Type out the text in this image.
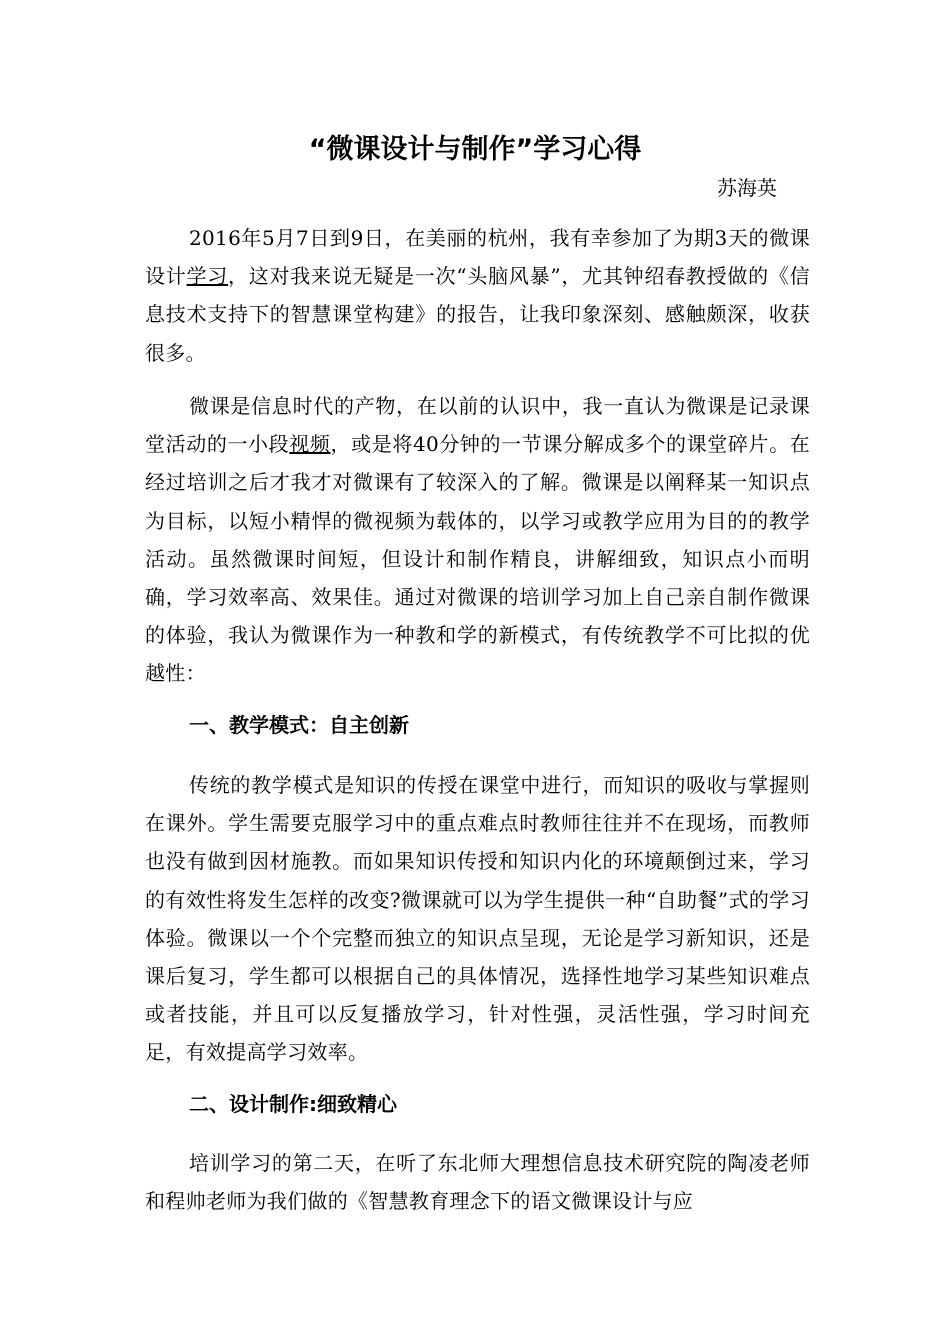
“微课设计与制作”学习心得
苏海英

2016年5月7日到9日，在美丽的杭州，我有幸参加了为期3天的微课设计学习，这对我来说无疑是一次“头脑风暴”，尤其钟绍春教授做的《信息技术支持下的智慧课堂构建》的报告，让我印象深刻、感触颇深，收获很多。

微课是信息时代的产物，在以前的认识中，我一直认为微课是记录课堂活动的一小段视频，或是将40分钟的一节课分解成多个的课堂碎片。在经过培训之后才我才对微课有了较深入的了解。微课是以阐释某一知识点为目标，以短小精悍的微视频为载体的，以学习或教学应用为目的的教学活动。虽然微课时间短，但设计和制作精良，讲解细致，知识点小而明确，学习效率高、效果佳。通过对微课的培训学习加上自己亲自制作微课的体验，我认为微课作为一种教和学的新模式，有传统教学不可比拟的优越性：

一、教学模式：自主创新

传统的教学模式是知识的传授在课堂中进行，而知识的吸收与掌握则在课外。学生需要克服学习中的重点难点时教师往往并不在现场，而教师也没有做到因材施教。而如果知识传授和知识内化的环境颠倒过来，学习的有效性将发生怎样的改变?微课就可以为学生提供一种“自助餐”式的学习体验。微课以一个个完整而独立的知识点呈现，无论是学习新知识，还是课后复习，学生都可以根据自己的具体情况，选择性地学习某些知识难点或者技能，并且可以反复播放学习，针对性强，灵活性强，学习时间充足，有效提高学习效率。

二、设计制作:细致精心

培训学习的第二天，在听了东北师大理想信息技术研究院的陶凌老师和程帅老师为我们做的《智慧教育理念下的语文微课设计与应
